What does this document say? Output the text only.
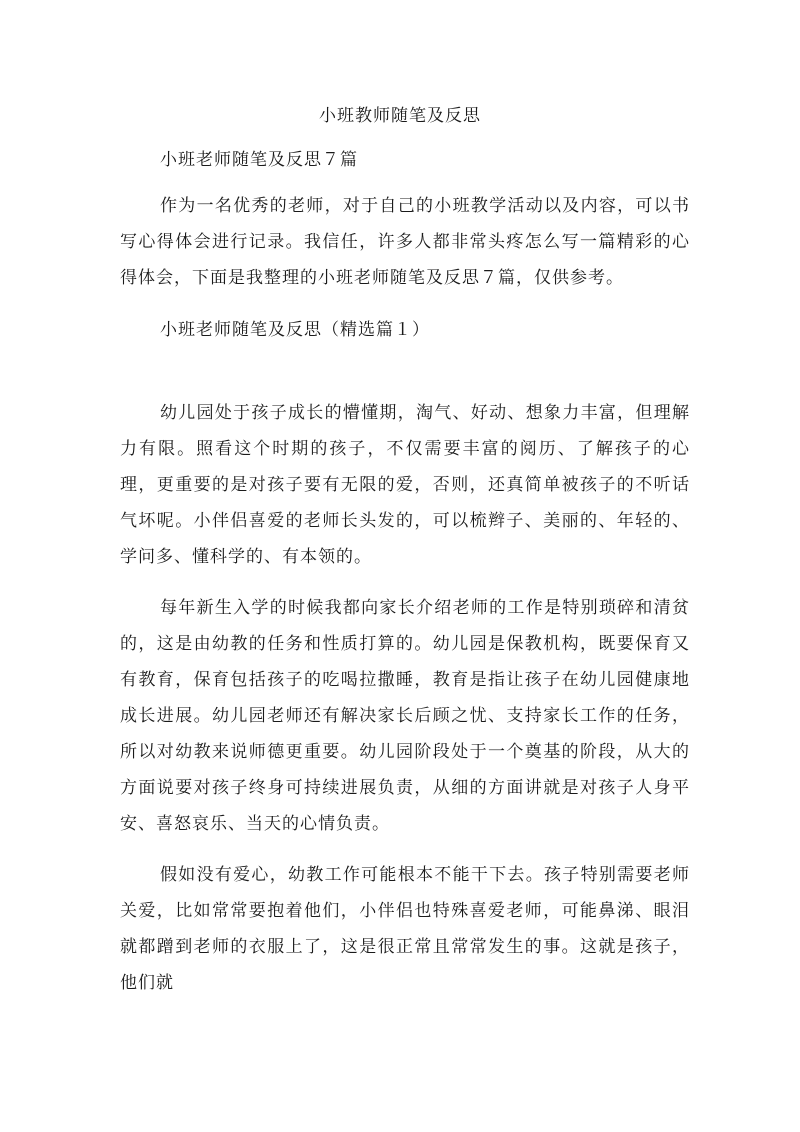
小班教师随笔及反思
小班老师随笔及反思７篇

作为一名优秀的老师，对于自己的小班教学活动以及内容，可以书写心得体会进行记录。我信任，许多人都非常头疼怎么写一篇精彩的心得体会，下面是我整理的小班老师随笔及反思７篇，仅供参考。

小班老师随笔及反思（精选篇１）

幼儿园处于孩子成长的懵懂期，淘气、好动、想象力丰富，但理解力有限。照看这个时期的孩子，不仅需要丰富的阅历、了解孩子的心理，更重要的是对孩子要有无限的爱，否则，还真简单被孩子的不听话气坏呢。小伴侣喜爱的老师长头发的，可以梳辫子、美丽的、年轻的、学问多、懂科学的、有本领的。

每年新生入学的时候我都向家长介绍老师的工作是特别琐碎和清贫的，这是由幼教的任务和性质打算的。幼儿园是保教机构，既要保育又有教育，保育包括孩子的吃喝拉撒睡，教育是指让孩子在幼儿园健康地成长进展。幼儿园老师还有解决家长后顾之忧、支持家长工作的任务，所以对幼教来说师德更重要。幼儿园阶段处于一个奠基的阶段，从大的方面说要对孩子终身可持续进展负责，从细的方面讲就是对孩子人身平安、喜怒哀乐、当天的心情负责。

假如没有爱心，幼教工作可能根本不能干下去。孩子特别需要老师关爱，比如常常要抱着他们，小伴侣也特殊喜爱老师，可能鼻涕、眼泪就都蹭到老师的衣服上了，这是很正常且常常发生的事。这就是孩子，他们就
